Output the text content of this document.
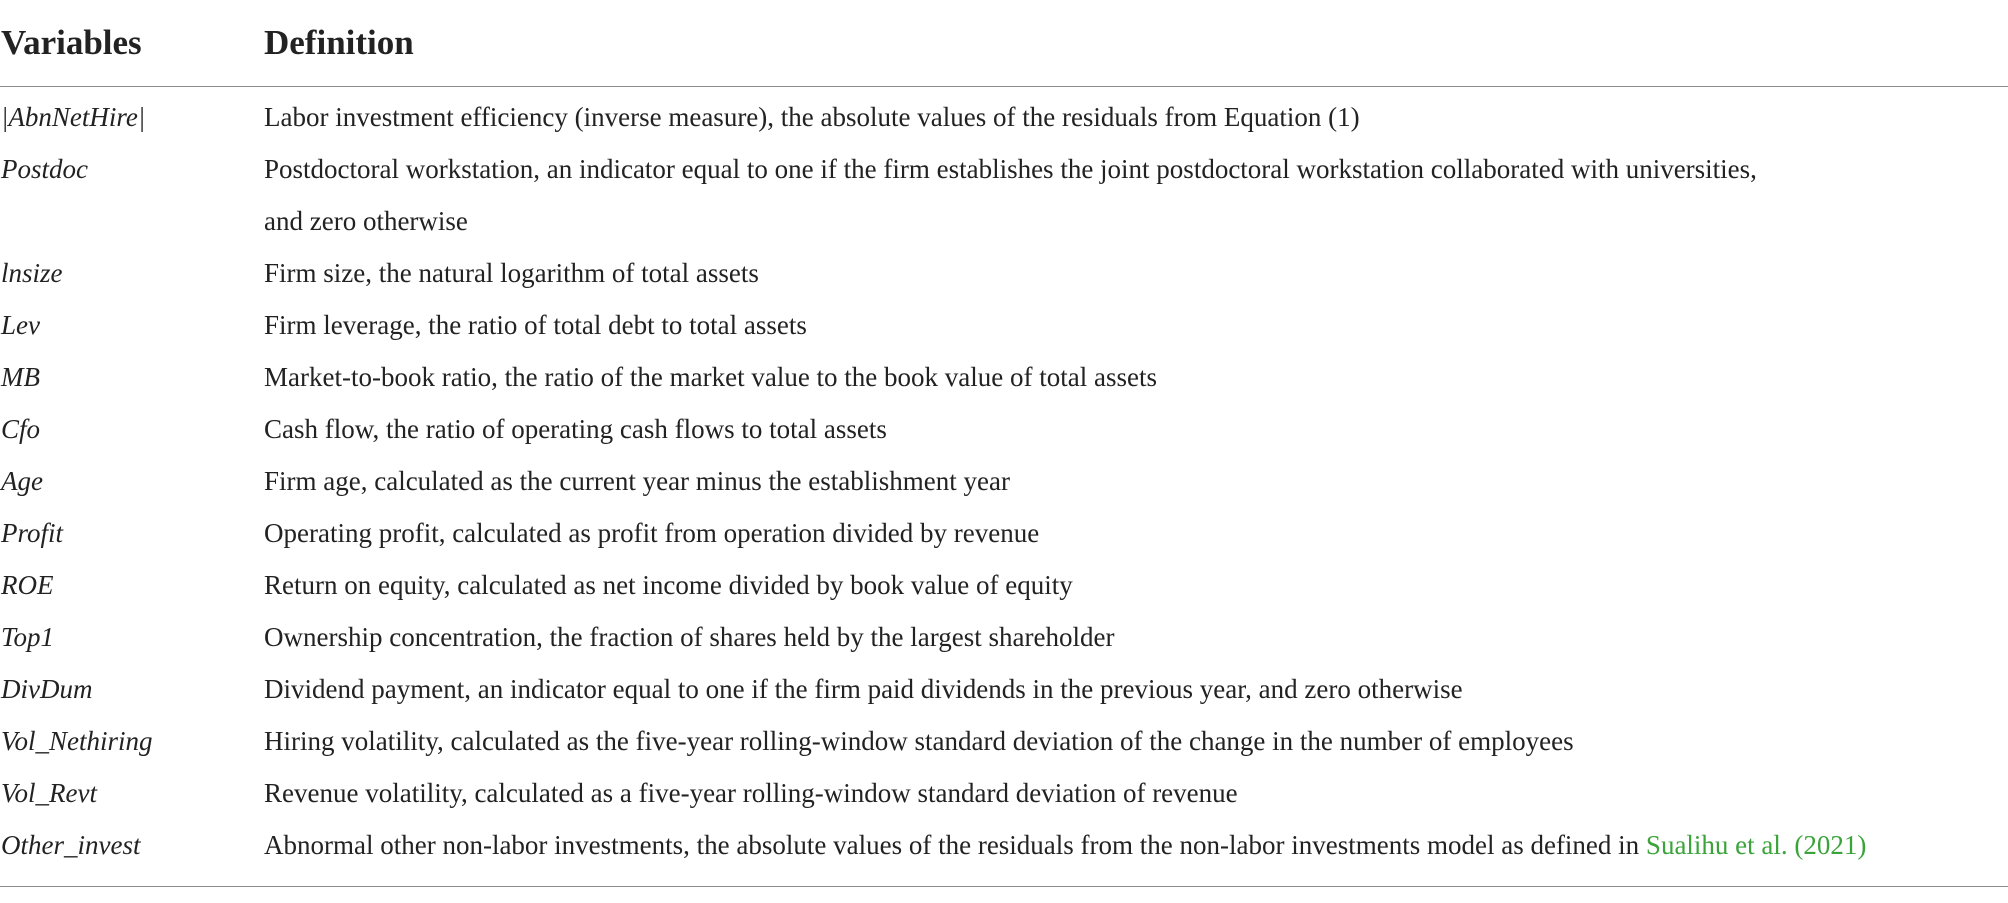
Variables	Definition
|AbnNetHire|	Labor investment efficiency (inverse measure), the absolute values of the residuals from Equation (1)
Postdoc	Postdoctoral workstation, an indicator equal to one if the firm establishes the joint postdoctoral workstation collaborated with universities,
and zero otherwise
lnsize	Firm size, the natural logarithm of total assets
Lev	Firm leverage, the ratio of total debt to total assets
MB	Market-to-book ratio, the ratio of the market value to the book value of total assets
Cfo	Cash flow, the ratio of operating cash flows to total assets
Age	Firm age, calculated as the current year minus the establishment year
Profit	Operating profit, calculated as profit from operation divided by revenue
ROE	Return on equity, calculated as net income divided by book value of equity
Top1	Ownership concentration, the fraction of shares held by the largest shareholder
DivDum	Dividend payment, an indicator equal to one if the firm paid dividends in the previous year, and zero otherwise
Vol_Nethiring	Hiring volatility, calculated as the five-year rolling-window standard deviation of the change in the number of employees
Vol_Revt	Revenue volatility, calculated as a five-year rolling-window standard deviation of revenue
Other_invest	Abnormal other non-labor investments, the absolute values of the residuals from the non-labor investments model as defined in Sualihu et al. (2021)
